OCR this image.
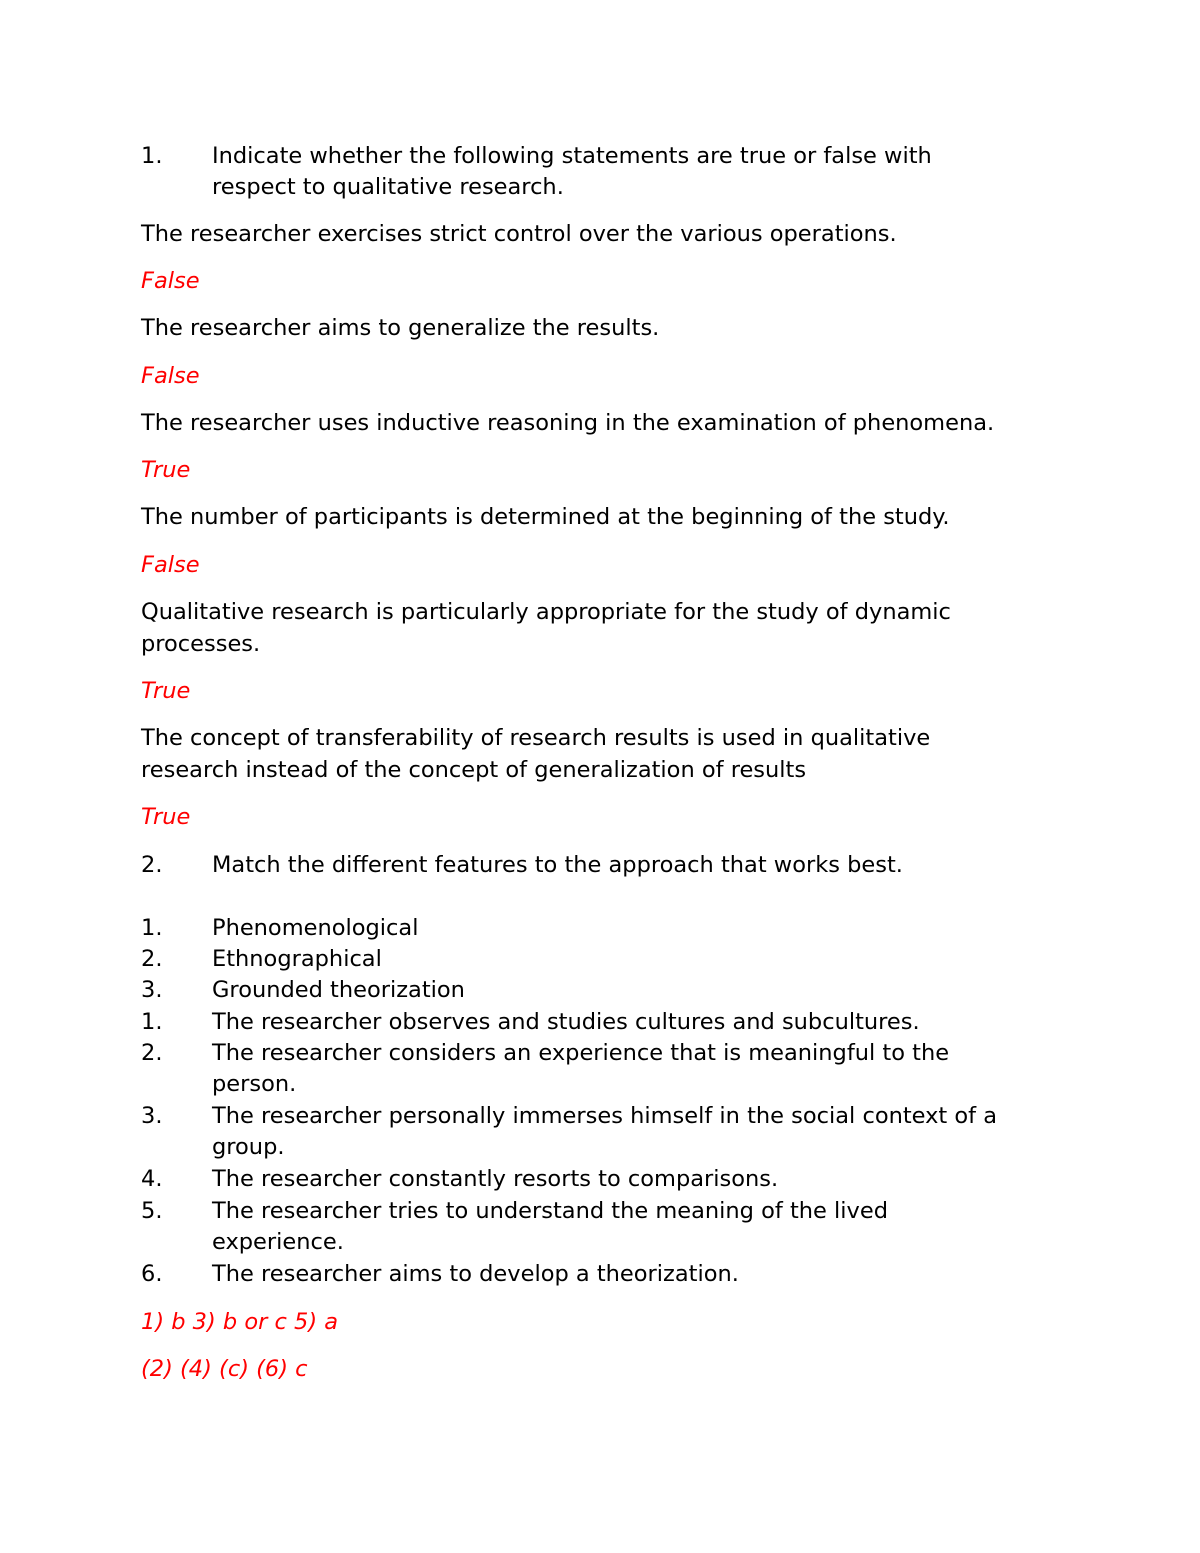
1. Indicate whether the following statements are true or false with
respect to qualitative research.
The researcher exercises strict control over the various operations.
False
The researcher aims to generalize the results.
False
The researcher uses inductive reasoning in the examination of phenomena.
True
The number of participants is determined at the beginning of the study.
False
Qualitative research is particularly appropriate for the study of dynamic
processes.
True
The concept of transferability of research results is used in qualitative
research instead of the concept of generalization of results
True
2. Match the different features to the approach that works best.
1. Phenomenological
2. Ethnographical
3. Grounded theorization
1. The researcher observes and studies cultures and subcultures.
2. The researcher considers an experience that is meaningful to the
person.
3. The researcher personally immerses himself in the social context of a
group.
4. The researcher constantly resorts to comparisons.
5. The researcher tries to understand the meaning of the lived
experience.
6. The researcher aims to develop a theorization.
1) b 3) b or c 5) a
(2) (4) (c) (6) c
